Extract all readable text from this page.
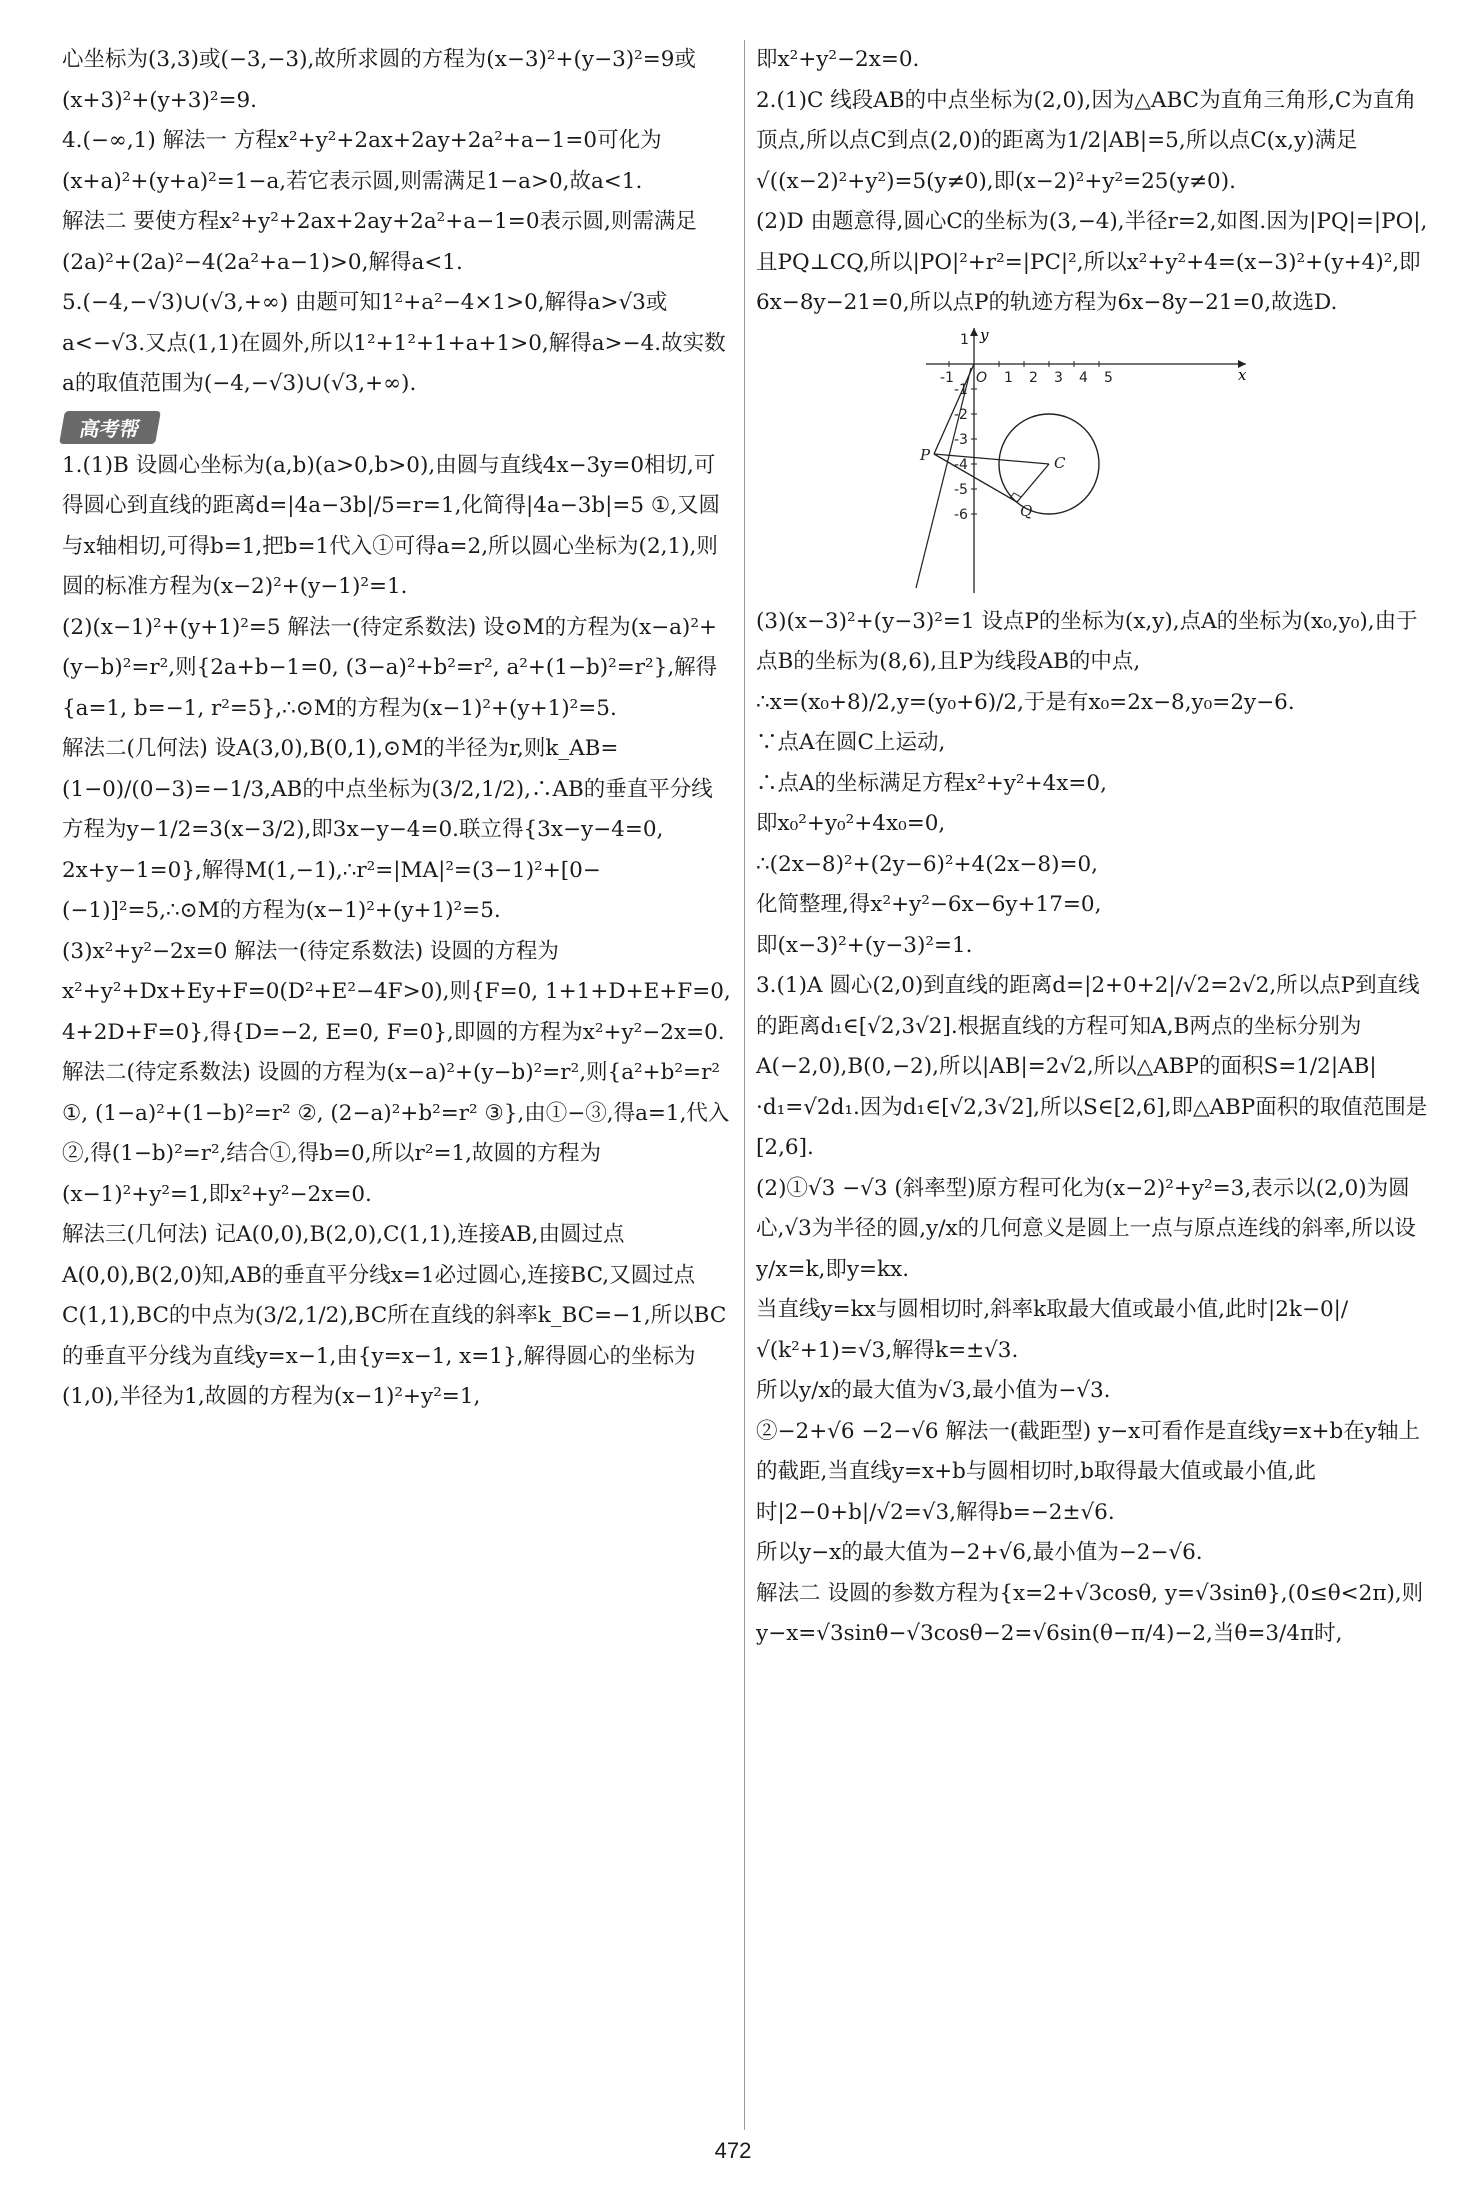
心坐标为(3,3)或(−3,−3),故所求圆的方程为(x−3)²+(y−3)²=9或(x+3)²+(y+3)²=9.

4.(−∞,1) 解法一 方程x²+y²+2ax+2ay+2a²+a−1=0可化为(x+a)²+(y+a)²=1−a,若它表示圆,则需满足1−a>0,故a<1.

解法二 要使方程x²+y²+2ax+2ay+2a²+a−1=0表示圆,则需满足(2a)²+(2a)²−4(2a²+a−1)>0,解得a<1.

5.(−4,−√3)∪(√3,+∞) 由题可知1²+a²−4×1>0,解得a>√3或a<−√3.又点(1,1)在圆外,所以1²+1²+1+a+1>0,解得a>−4.故实数a的取值范围为(−4,−√3)∪(√3,+∞).

高考帮

1.(1)B 设圆心坐标为(a,b)(a>0,b>0),由圆与直线4x−3y=0相切,可得圆心到直线的距离d=|4a−3b|/5=r=1,化简得|4a−3b|=5 ①,又圆与x轴相切,可得b=1,把b=1代入①可得a=2,所以圆心坐标为(2,1),则圆的标准方程为(x−2)²+(y−1)²=1.

(2)(x−1)²+(y+1)²=5 解法一(待定系数法) 设⊙M的方程为(x−a)²+(y−b)²=r²,则{2a+b−1=0, (3−a)²+b²=r², a²+(1−b)²=r²},解得{a=1, b=−1, r²=5},∴⊙M的方程为(x−1)²+(y+1)²=5.

解法二(几何法) 设A(3,0),B(0,1),⊙M的半径为r,则k_AB=(1−0)/(0−3)=−1/3,AB的中点坐标为(3/2,1/2),∴AB的垂直平分线方程为y−1/2=3(x−3/2),即3x−y−4=0.联立得{3x−y−4=0, 2x+y−1=0},解得M(1,−1),∴r²=|MA|²=(3−1)²+[0−(−1)]²=5,∴⊙M的方程为(x−1)²+(y+1)²=5.

(3)x²+y²−2x=0 解法一(待定系数法) 设圆的方程为x²+y²+Dx+Ey+F=0(D²+E²−4F>0),则{F=0, 1+1+D+E+F=0, 4+2D+F=0},得{D=−2, E=0, F=0},即圆的方程为x²+y²−2x=0.

解法二(待定系数法) 设圆的方程为(x−a)²+(y−b)²=r²,则{a²+b²=r² ①, (1−a)²+(1−b)²=r² ②, (2−a)²+b²=r² ③},由①−③,得a=1,代入②,得(1−b)²=r²,结合①,得b=0,所以r²=1,故圆的方程为(x−1)²+y²=1,即x²+y²−2x=0.

解法三(几何法) 记A(0,0),B(2,0),C(1,1),连接AB,由圆过点A(0,0),B(2,0)知,AB的垂直平分线x=1必过圆心,连接BC,又圆过点C(1,1),BC的中点为(3/2,1/2),BC所在直线的斜率k_BC=−1,所以BC的垂直平分线为直线y=x−1,由{y=x−1, x=1},解得圆心的坐标为(1,0),半径为1,故圆的方程为(x−1)²+y²=1,

即x²+y²−2x=0.

2.(1)C 线段AB的中点坐标为(2,0),因为△ABC为直角三角形,C为直角顶点,所以点C到点(2,0)的距离为1/2|AB|=5,所以点C(x,y)满足√((x−2)²+y²)=5(y≠0),即(x−2)²+y²=25(y≠0).

(2)D 由题意得,圆心C的坐标为(3,−4),半径r=2,如图.因为|PQ|=|PO|,且PQ⊥CQ,所以|PO|²+r²=|PC|²,所以x²+y²+4=(x−3)²+(y+4)²,即6x−8y−21=0,所以点P的轨迹方程为6x−8y−21=0,故选D.

x
y
-1 O 1 2 3 4 5
1
-1
-2
-3
-4
-5
-6
P	C
Q

(3)(x−3)²+(y−3)²=1 设点P的坐标为(x,y),点A的坐标为(x₀,y₀),由于点B的坐标为(8,6),且P为线段AB的中点,

∴x=(x₀+8)/2,y=(y₀+6)/2,于是有x₀=2x−8,y₀=2y−6.

∵点A在圆C上运动,

∴点A的坐标满足方程x²+y²+4x=0,

即x₀²+y₀²+4x₀=0,

∴(2x−8)²+(2y−6)²+4(2x−8)=0,

化简整理,得x²+y²−6x−6y+17=0,

即(x−3)²+(y−3)²=1.

3.(1)A 圆心(2,0)到直线的距离d=|2+0+2|/√2=2√2,所以点P到直线的距离d₁∈[√2,3√2].根据直线的方程可知A,B两点的坐标分别为A(−2,0),B(0,−2),所以|AB|=2√2,所以△ABP的面积S=1/2|AB|·d₁=√2d₁.因为d₁∈[√2,3√2],所以S∈[2,6],即△ABP面积的取值范围是[2,6].

(2)①√3 −√3 (斜率型)原方程可化为(x−2)²+y²=3,表示以(2,0)为圆心,√3为半径的圆,y/x的几何意义是圆上一点与原点连线的斜率,所以设y/x=k,即y=kx.

当直线y=kx与圆相切时,斜率k取最大值或最小值,此时|2k−0|/√(k²+1)=√3,解得k=±√3.

所以y/x的最大值为√3,最小值为−√3.

②−2+√6 −2−√6 解法一(截距型) y−x可看作是直线y=x+b在y轴上的截距,当直线y=x+b与圆相切时,b取得最大值或最小值,此时|2−0+b|/√2=√3,解得b=−2±√6.

所以y−x的最大值为−2+√6,最小值为−2−√6.

解法二 设圆的参数方程为{x=2+√3cosθ, y=√3sinθ},(0≤θ<2π),则y−x=√3sinθ−√3cosθ−2=√6sin(θ−π/4)−2,当θ=3/4π时,

472
